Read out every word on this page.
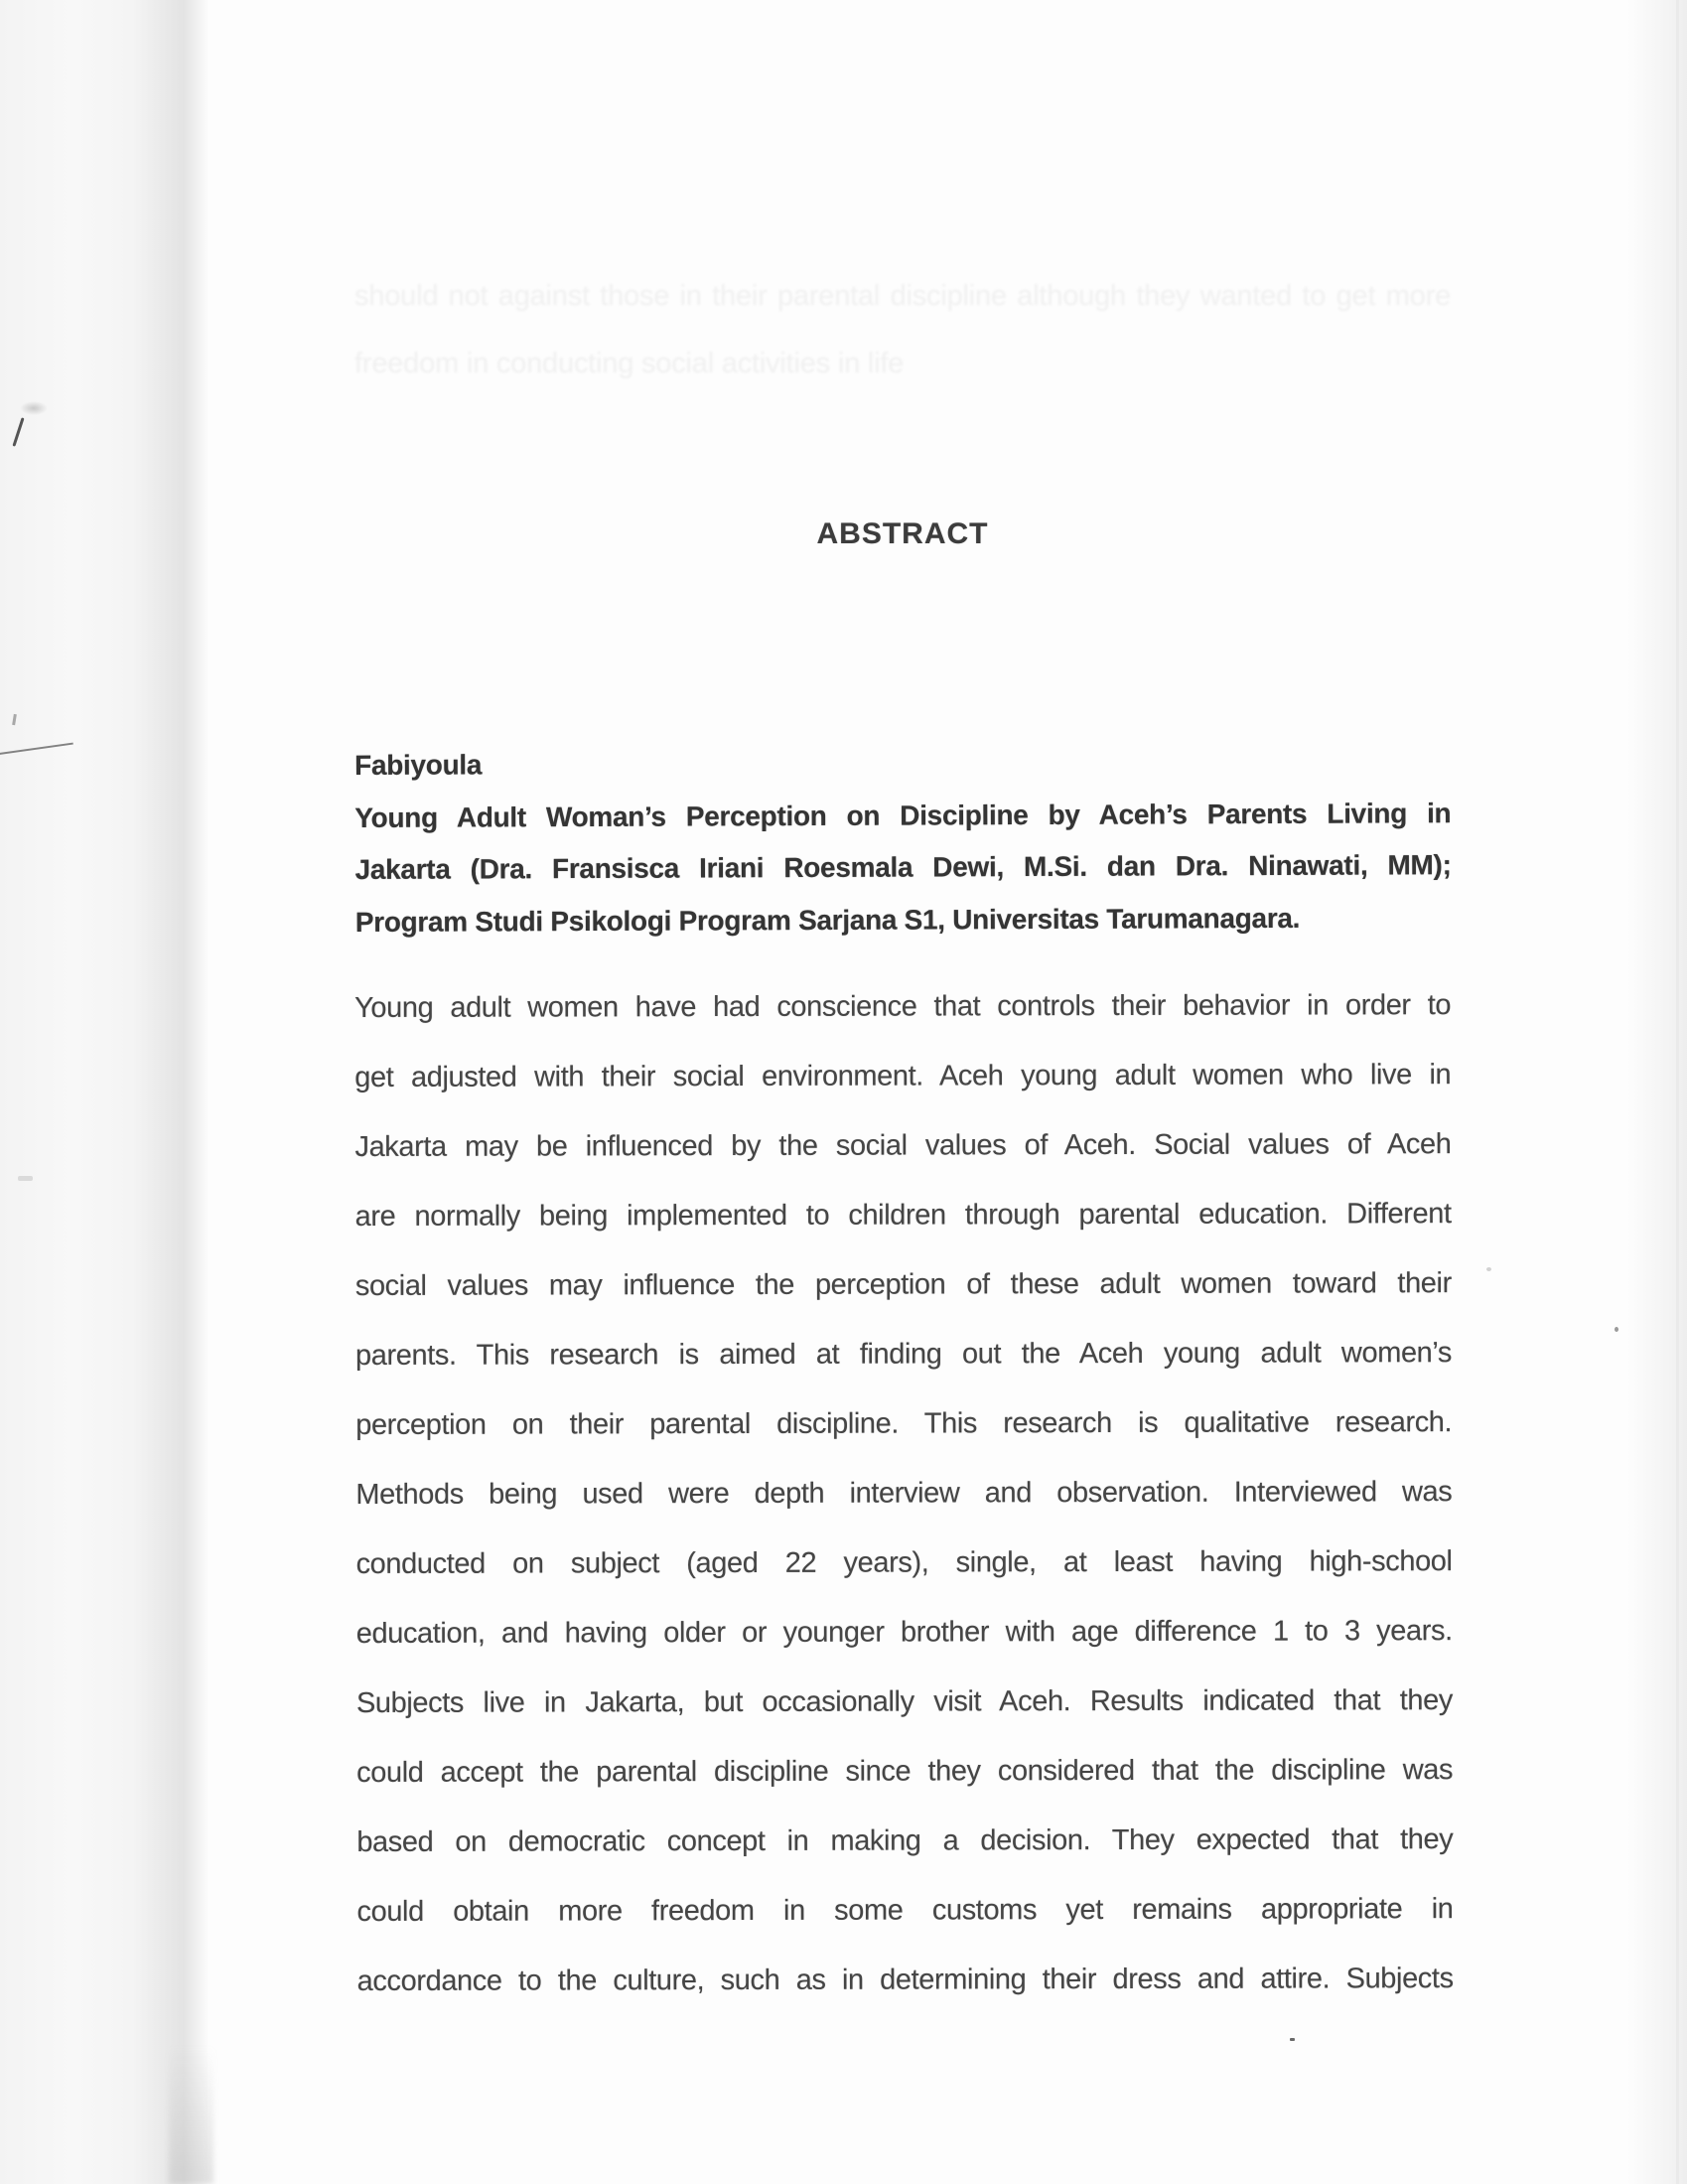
should not against those in their parental discipline although they wanted to get more
freedom in conducting social activities in life
ABSTRACT
Fabiyoula
Young Adult Woman’s Perception on Discipline by Aceh’s Parents Living in
Jakarta (Dra. Fransisca Iriani Roesmala Dewi, M.Si. dan Dra. Ninawati, MM);
Program Studi Psikologi Program Sarjana S1, Universitas Tarumanagara.
Young adult women have had conscience that controls their behavior in order to
get adjusted with their social environment. Aceh young adult women who live in
Jakarta may be influenced by the social values of Aceh. Social values of Aceh
are normally being implemented to children through parental education. Different
social values may influence the perception of these adult women toward their
parents. This research is aimed at finding out the Aceh young adult women’s
perception on their parental discipline. This research is qualitative research.
Methods being used were depth interview and observation. Interviewed was
conducted on subject (aged 22 years), single, at least having high-school
education, and having older or younger brother with age difference 1 to 3 years.
Subjects live in Jakarta, but occasionally visit Aceh. Results indicated that they
could accept the parental discipline since they considered that the discipline was
based on democratic concept in making a decision. They expected that they
could obtain more freedom in some customs yet remains appropriate in
accordance to the culture, such as in determining their dress and attire. Subjects
